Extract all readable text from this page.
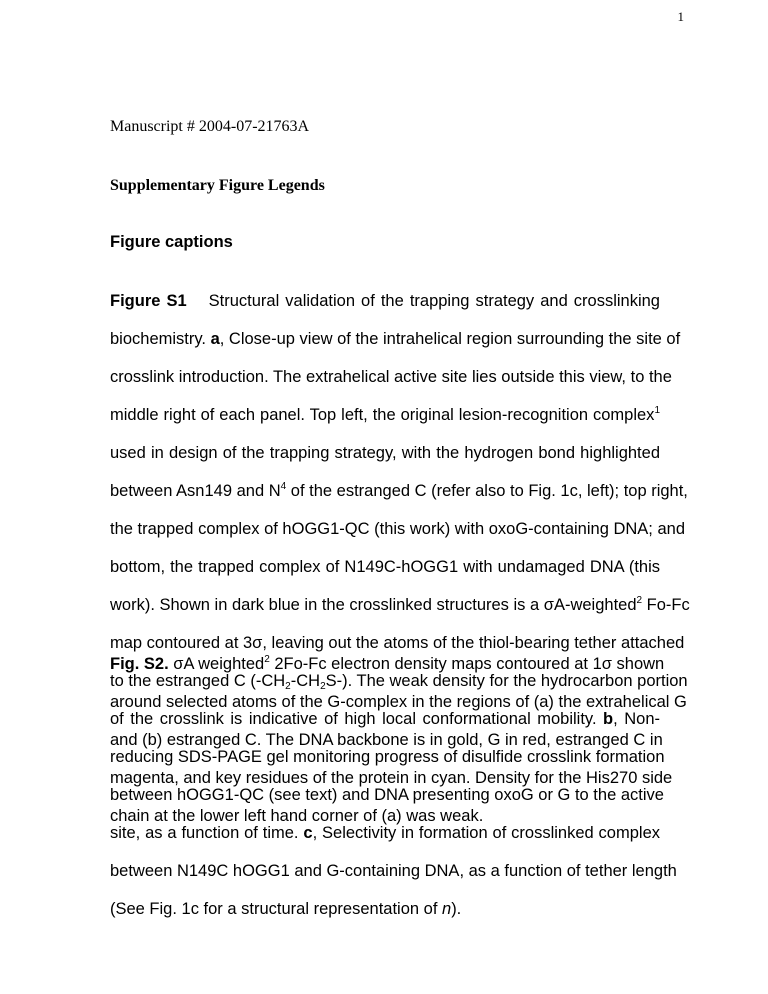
1
Manuscript # 2004-07-21763A
Supplementary Figure Legends
Figure captions
Figure S1 Structural validation of the trapping strategy and crosslinking
biochemistry. a, Close-up view of the intrahelical region surrounding the site of
crosslink introduction. The extrahelical active site lies outside this view, to the
middle right of each panel. Top left, the original lesion-recognition complex$^1$
used in design of the trapping strategy, with the hydrogen bond highlighted
between Asn149 and $N^4$ of the estranged C (refer also to Fig. 1c, left); top right,
the trapped complex of hOGG1-QC (this work) with oxoG-containing DNA; and
bottom, the trapped complex of N149C-hOGG1 with undamaged DNA (this
work). Shown in dark blue in the crosslinked structures is a σA-weighted$^2$ Fo-Fc
map contoured at 3σ, leaving out the atoms of the thiol-bearing tether attached
to the estranged C $(-CH_2-CH_2S-)$. The weak density for the hydrocarbon portion
of the crosslink is indicative of high local conformational mobility. b, Non-
reducing SDS-PAGE gel monitoring progress of disulfide crosslink formation
between hOGG1-QC (see text) and DNA presenting oxoG or G to the active
site, as a function of time. c, Selectivity in formation of crosslinked complex
between N149C hOGG1 and G-containing DNA, as a function of tether length
(See Fig. 1c for a structural representation of n).
Fig. S2. σA weighted$^2$ 2Fo-Fc electron density maps contoured at 1σ shown
around selected atoms of the G-complex in the regions of (a) the extrahelical G
and (b) estranged C. The DNA backbone is in gold, G in red, estranged C in
magenta, and key residues of the protein in cyan. Density for the His270 side
chain at the lower left hand corner of (a) was weak.
